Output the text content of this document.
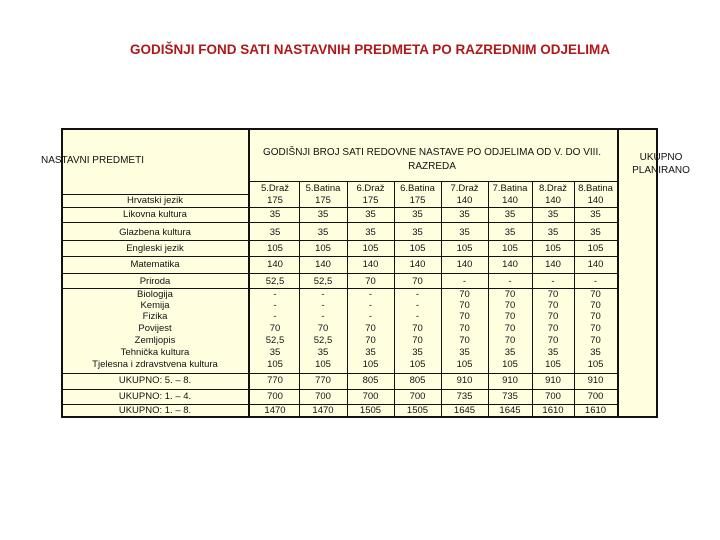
GODIŠNJI FOND SATI NASTAVNIH PREDMETA PO RAZREDNIM ODJELIMA
NASTAVNI PREDMETI
GODIŠNJI BROJ SATI REDOVNE NASTAVE PO ODJELIMA OD V. DO VIII.
RAZREDA
UKUPNO
PLANIRANO
5.Draž	5.Batina	6.Draž	6.Batina	7.Draž	7.Batina	8.Draž	8.Batina
Hrvatski jezik	175	175	175	175	140	140	140	140
Likovna kultura	35	35	35	35	35	35	35	35
Glazbena kultura	35	35	35	35	35	35	35	35
Engleski jezik	105	105	105	105	105	105	105	105
Matematika	140	140	140	140	140	140	140	140
Priroda	52,5	52,5	70	70	-	-	-	-
Biologija	-	-	-	-	70	70	70	70
Kemija	-	-	-	-	70	70	70	70
Fizika	-	-	-	-	70	70	70	70
Povijest	70	70	70	70	70	70	70	70
Zemljopis	52,5	52,5	70	70	70	70	70	70
Tehnička kultura	35	35	35	35	35	35	35	35
Tjelesna i zdravstvena kultura	105	105	105	105	105	105	105	105
UKUPNO: 5. – 8.	770	770	805	805	910	910	910	910
UKUPNO: 1. – 4.	700	700	700	700	735	735	700	700
UKUPNO: 1. – 8.	1470	1470	1505	1505	1645	1645	1610	1610
